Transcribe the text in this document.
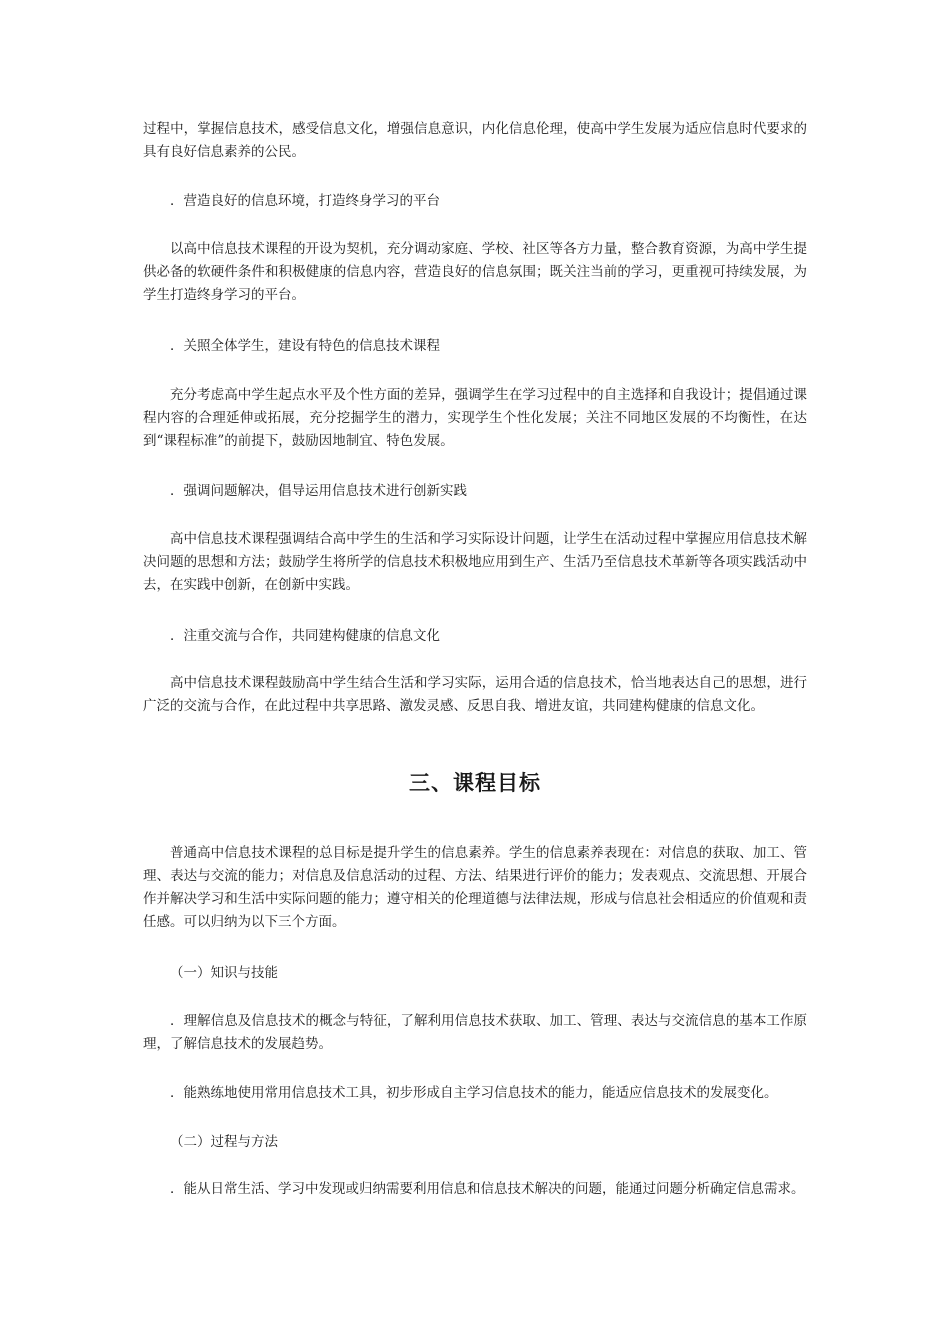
过程中，掌握信息技术，感受信息文化，增强信息意识，内化信息伦理，使高中学生发展为适应信息时代要求的具有良好信息素养的公民。

．营造良好的信息环境，打造终身学习的平台

以高中信息技术课程的开设为契机，充分调动家庭、学校、社区等各方力量，整合教育资源，为高中学生提供必备的软硬件条件和积极健康的信息内容，营造良好的信息氛围；既关注当前的学习，更重视可持续发展，为学生打造终身学习的平台。

．关照全体学生，建设有特色的信息技术课程

充分考虑高中学生起点水平及个性方面的差异，强调学生在学习过程中的自主选择和自我设计；提倡通过课程内容的合理延伸或拓展，充分挖掘学生的潜力，实现学生个性化发展；关注不同地区发展的不均衡性，在达到“课程标准”的前提下，鼓励因地制宜、特色发展。

．强调问题解决，倡导运用信息技术进行创新实践

高中信息技术课程强调结合高中学生的生活和学习实际设计问题，让学生在活动过程中掌握应用信息技术解决问题的思想和方法；鼓励学生将所学的信息技术积极地应用到生产、生活乃至信息技术革新等各项实践活动中去，在实践中创新，在创新中实践。

．注重交流与合作，共同建构健康的信息文化

高中信息技术课程鼓励高中学生结合生活和学习实际，运用合适的信息技术，恰当地表达自己的思想，进行广泛的交流与合作，在此过程中共享思路、激发灵感、反思自我、增进友谊，共同建构健康的信息文化。

三、课程目标

普通高中信息技术课程的总目标是提升学生的信息素养。学生的信息素养表现在：对信息的获取、加工、管理、表达与交流的能力；对信息及信息活动的过程、方法、结果进行评价的能力；发表观点、交流思想、开展合作并解决学习和生活中实际问题的能力；遵守相关的伦理道德与法律法规，形成与信息社会相适应的价值观和责任感。可以归纳为以下三个方面。

（一）知识与技能

．理解信息及信息技术的概念与特征，了解利用信息技术获取、加工、管理、表达与交流信息的基本工作原理，了解信息技术的发展趋势。

．能熟练地使用常用信息技术工具，初步形成自主学习信息技术的能力，能适应信息技术的发展变化。

（二）过程与方法

．能从日常生活、学习中发现或归纳需要利用信息和信息技术解决的问题，能通过问题分析确定信息需求。
